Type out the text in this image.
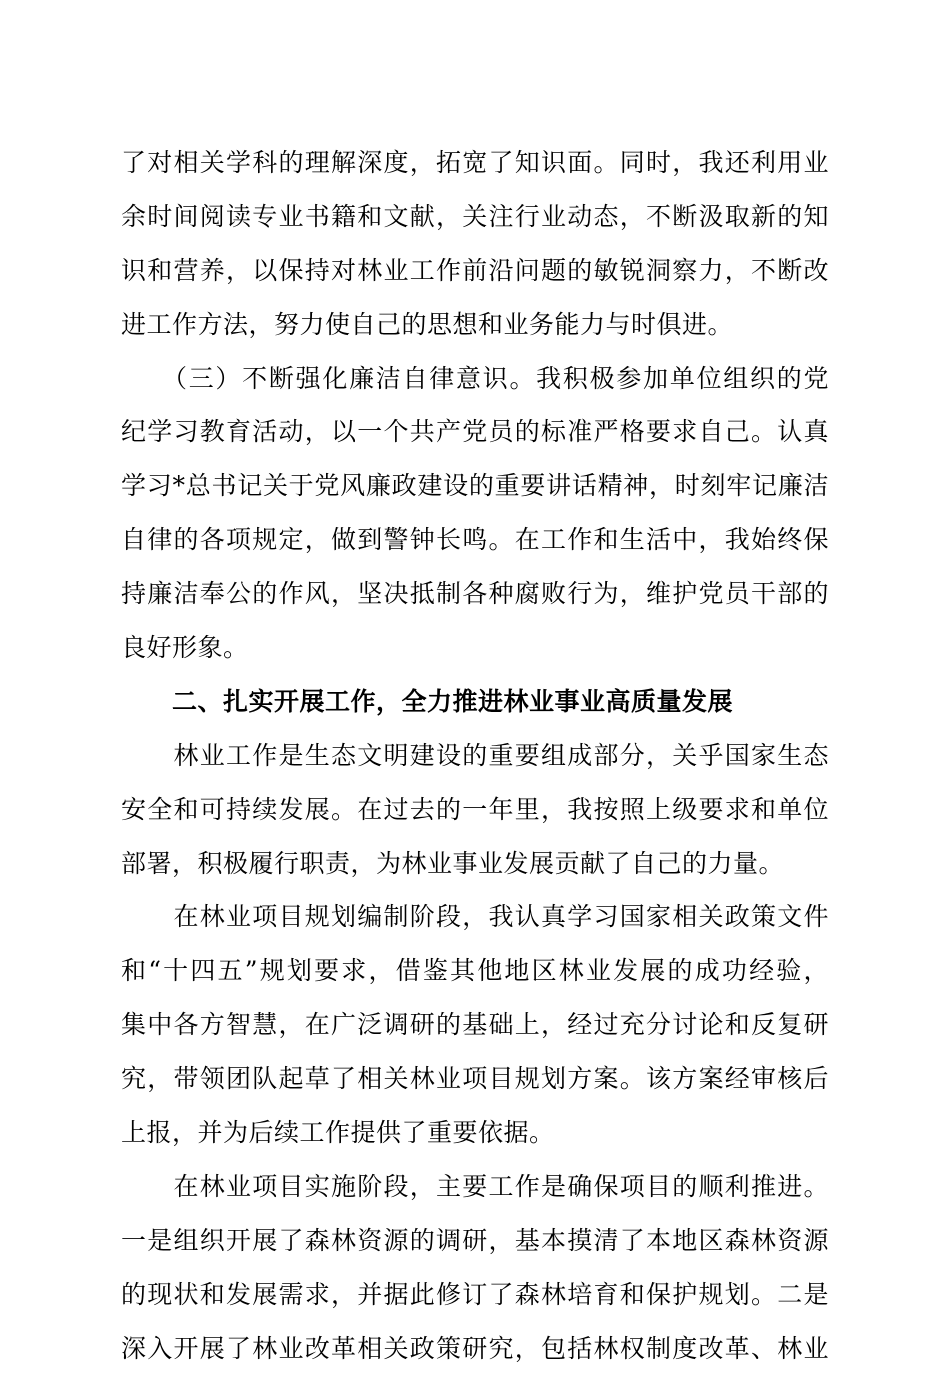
了对相关学科的理解深度，拓宽了知识面。同时，我还利用业
余时间阅读专业书籍和文献，关注行业动态，不断汲取新的知
识和营养，以保持对林业工作前沿问题的敏锐洞察力，不断改
进工作方法，努力使自己的思想和业务能力与时俱进。
　　（三）不断强化廉洁自律意识。我积极参加单位组织的党
纪学习教育活动，以一个共产党员的标准严格要求自己。认真
学习*总书记关于党风廉政建设的重要讲话精神，时刻牢记廉洁
自律的各项规定，做到警钟长鸣。在工作和生活中，我始终保
持廉洁奉公的作风，坚决抵制各种腐败行为，维护党员干部的
良好形象。
　　二、扎实开展工作，全力推进林业事业高质量发展
　　林业工作是生态文明建设的重要组成部分，关乎国家生态
安全和可持续发展。在过去的一年里，我按照上级要求和单位
部署，积极履行职责，为林业事业发展贡献了自己的力量。
　　在林业项目规划编制阶段，我认真学习国家相关政策文件
和“十四五”规划要求，借鉴其他地区林业发展的成功经验，
集中各方智慧，在广泛调研的基础上，经过充分讨论和反复研
究，带领团队起草了相关林业项目规划方案。该方案经审核后
上报，并为后续工作提供了重要依据。
　　在林业项目实施阶段，主要工作是确保项目的顺利推进。
一是组织开展了森林资源的调研，基本摸清了本地区森林资源
的现状和发展需求，并据此修订了森林培育和保护规划。二是
深入开展了林业改革相关政策研究，包括林权制度改革、林业
